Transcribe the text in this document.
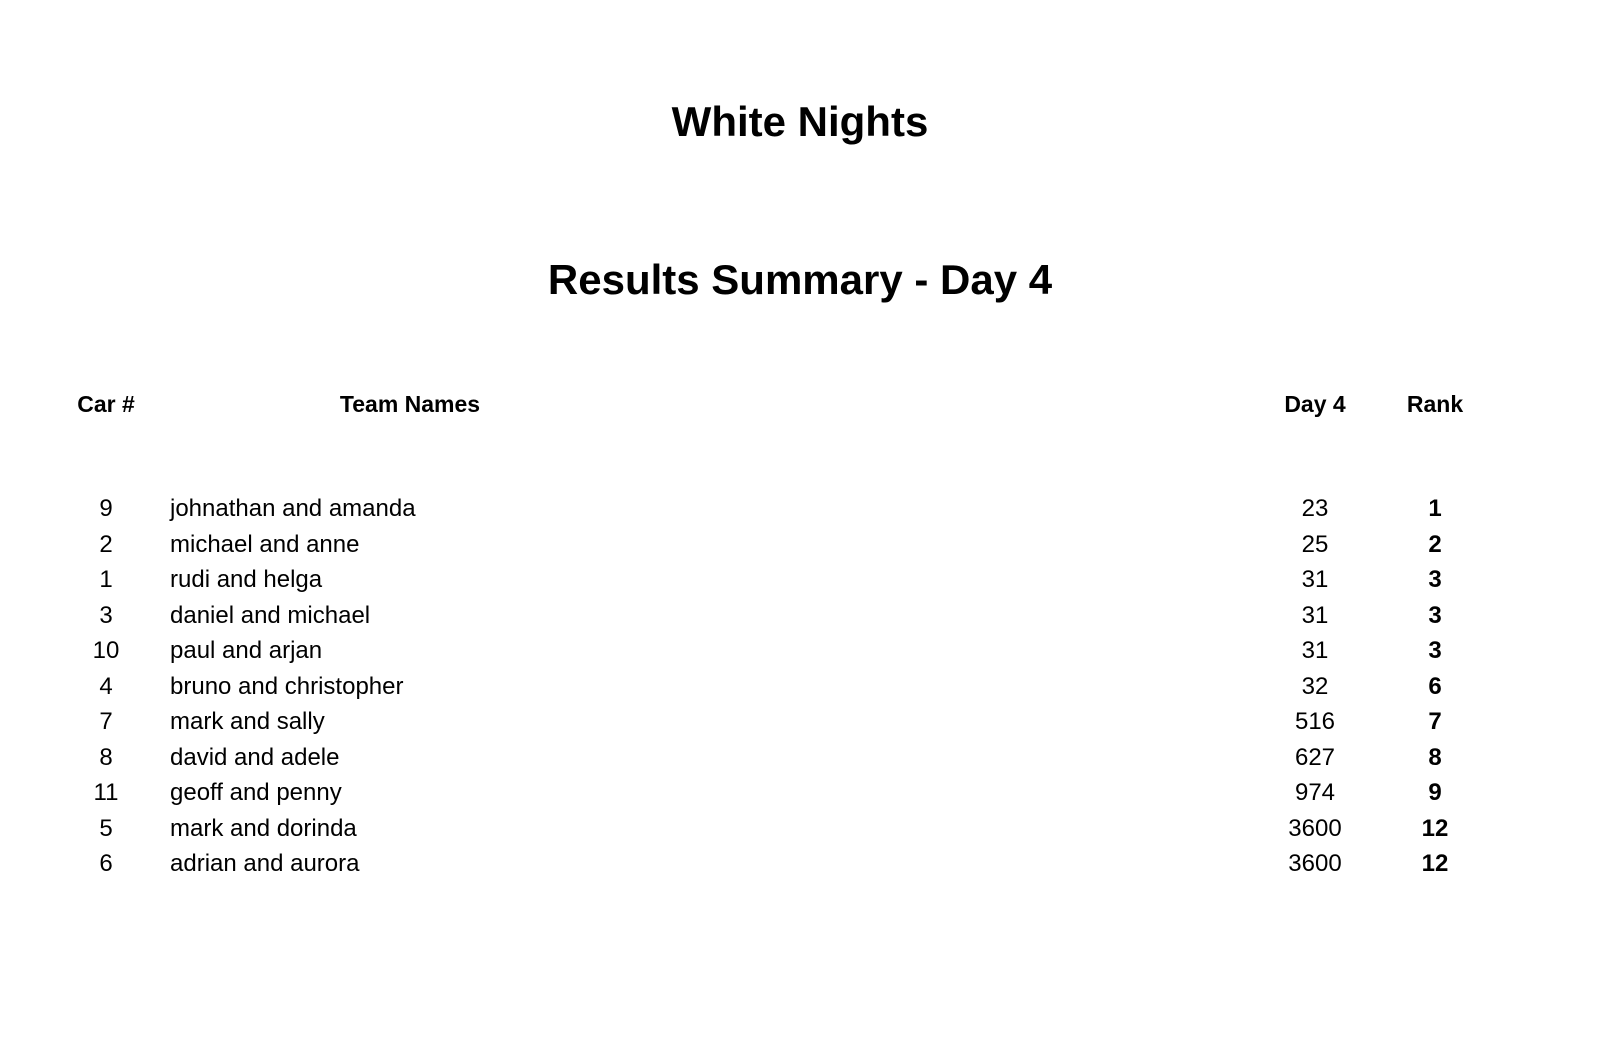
White Nights
Results Summary - Day 4
Car #	Team Names	Day 4	Rank
9	johnathan and amanda	23	1
2	michael and anne	25	2
1	rudi and helga	31	3
3	daniel and michael	31	3
10	paul and arjan	31	3
4	bruno and christopher	32	6
7	mark and sally	516	7
8	david and adele	627	8
11	geoff and penny	974	9
5	mark and dorinda	3600	12
6	adrian and aurora	3600	12
